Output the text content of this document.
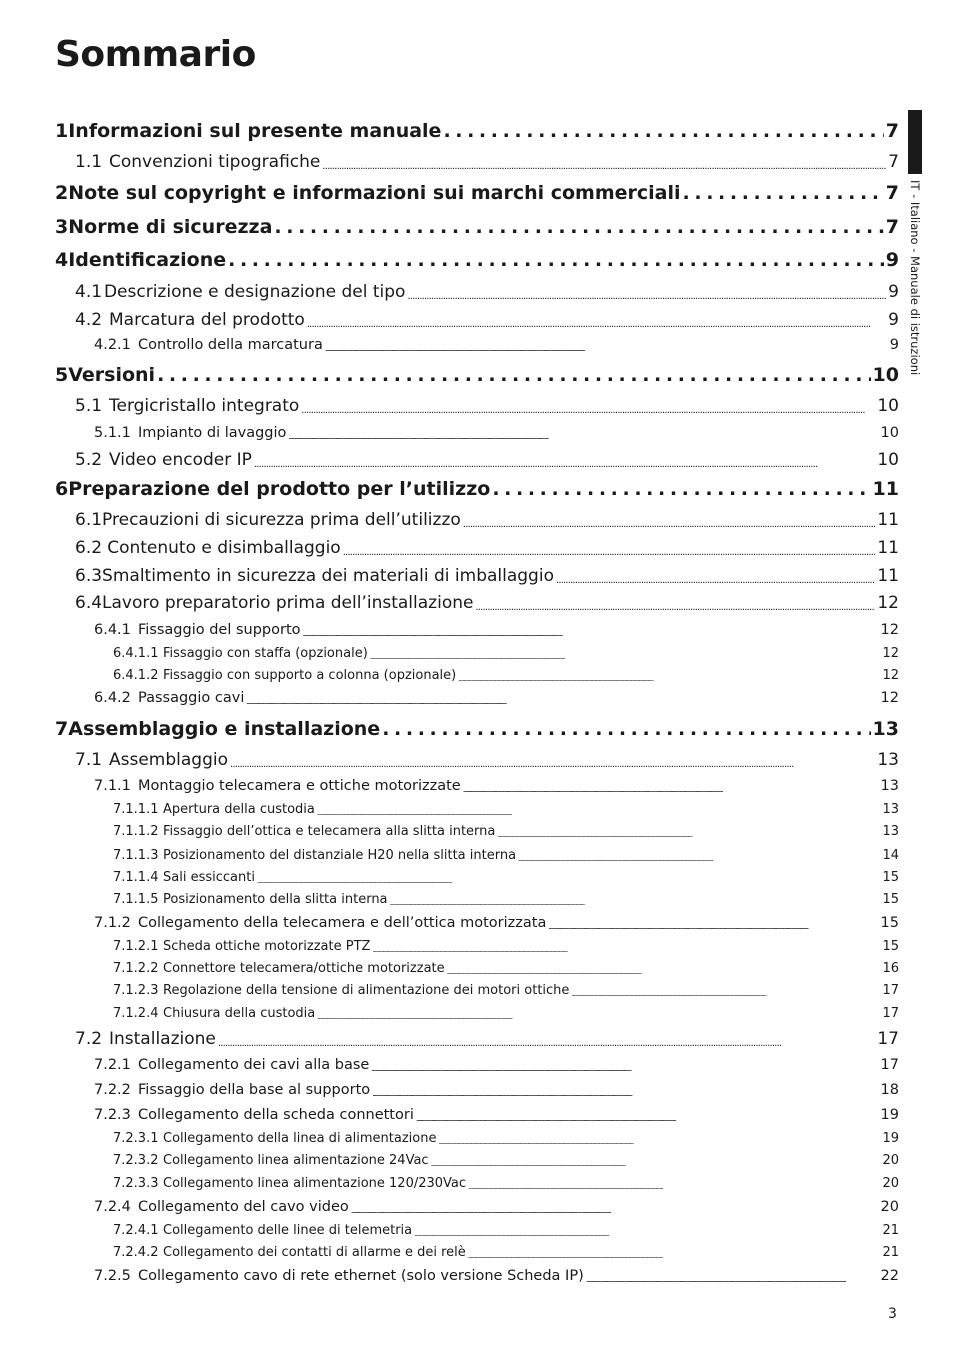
Sommario
IT - Italiano - Manuale di istruzioni
1 Informazioni sul presente manuale . . .	7
1.1 Convenzioni tipografiche . . .	7
2 Note sul copyright e informazioni sui marchi commerciali . . .	7
3 Norme di sicurezza . . .	7
4 Identificazione . . .	9
4.1 Descrizione e designazione del tipo . . .	9
4.2 Marcatura del prodotto . . .	9
4.2.1 Controllo della marcatura . . .	9
5 Versioni . . .	10
5.1 Tergicristallo integrato . . .	10
5.1.1 Impianto di lavaggio . . .	10
5.2 Video encoder IP . . .	10
6 Preparazione del prodotto per l’utilizzo . . .	11
6.1 Precauzioni di sicurezza prima dell’utilizzo . . .	11
6.2 Contenuto e disimballaggio . . .	11
6.3 Smaltimento in sicurezza dei materiali di imballaggio . . .	11
6.4 Lavoro preparatorio prima dell’installazione . . .	12
6.4.1 Fissaggio del supporto . . .	12
6.4.1.1 Fissaggio con staffa (opzionale) . . .	12
6.4.1.2 Fissaggio con supporto a colonna (opzionale) . . .	12
6.4.2 Passaggio cavi . . .	12
7 Assemblaggio e installazione . . .	13
7.1 Assemblaggio . . .	13
7.1.1 Montaggio telecamera e ottiche motorizzate . . .	13
7.1.1.1 Apertura della custodia . . .	13
7.1.1.2 Fissaggio dell’ottica e telecamera alla slitta interna . . .	13
7.1.1.3 Posizionamento del distanziale H20 nella slitta interna . . .	14
7.1.1.4 Sali essiccanti . . .	15
7.1.1.5 Posizionamento della slitta interna . . .	15
7.1.2 Collegamento della telecamera e dell’ottica motorizzata . . .	15
7.1.2.1 Scheda ottiche motorizzate PTZ . . .	15
7.1.2.2 Connettore telecamera/ottiche motorizzate . . .	16
7.1.2.3 Regolazione della tensione di alimentazione dei motori ottiche . . .	17
7.1.2.4 Chiusura della custodia . . .	17
7.2 Installazione . . .	17
7.2.1 Collegamento dei cavi alla base . . .	17
7.2.2 Fissaggio della base al supporto . . .	18
7.2.3 Collegamento della scheda connettori . . .	19
7.2.3.1 Collegamento della linea di alimentazione . . .	19
7.2.3.2 Collegamento linea alimentazione 24Vac . . .	20
7.2.3.3 Collegamento linea alimentazione 120/230Vac . . .	20
7.2.4 Collegamento del cavo video . . .	20
7.2.4.1 Collegamento delle linee di telemetria . . .	21
7.2.4.2 Collegamento dei contatti di allarme e dei relè . . .	21
7.2.5 Collegamento cavo di rete ethernet (solo versione Scheda IP) . . .	22
3
